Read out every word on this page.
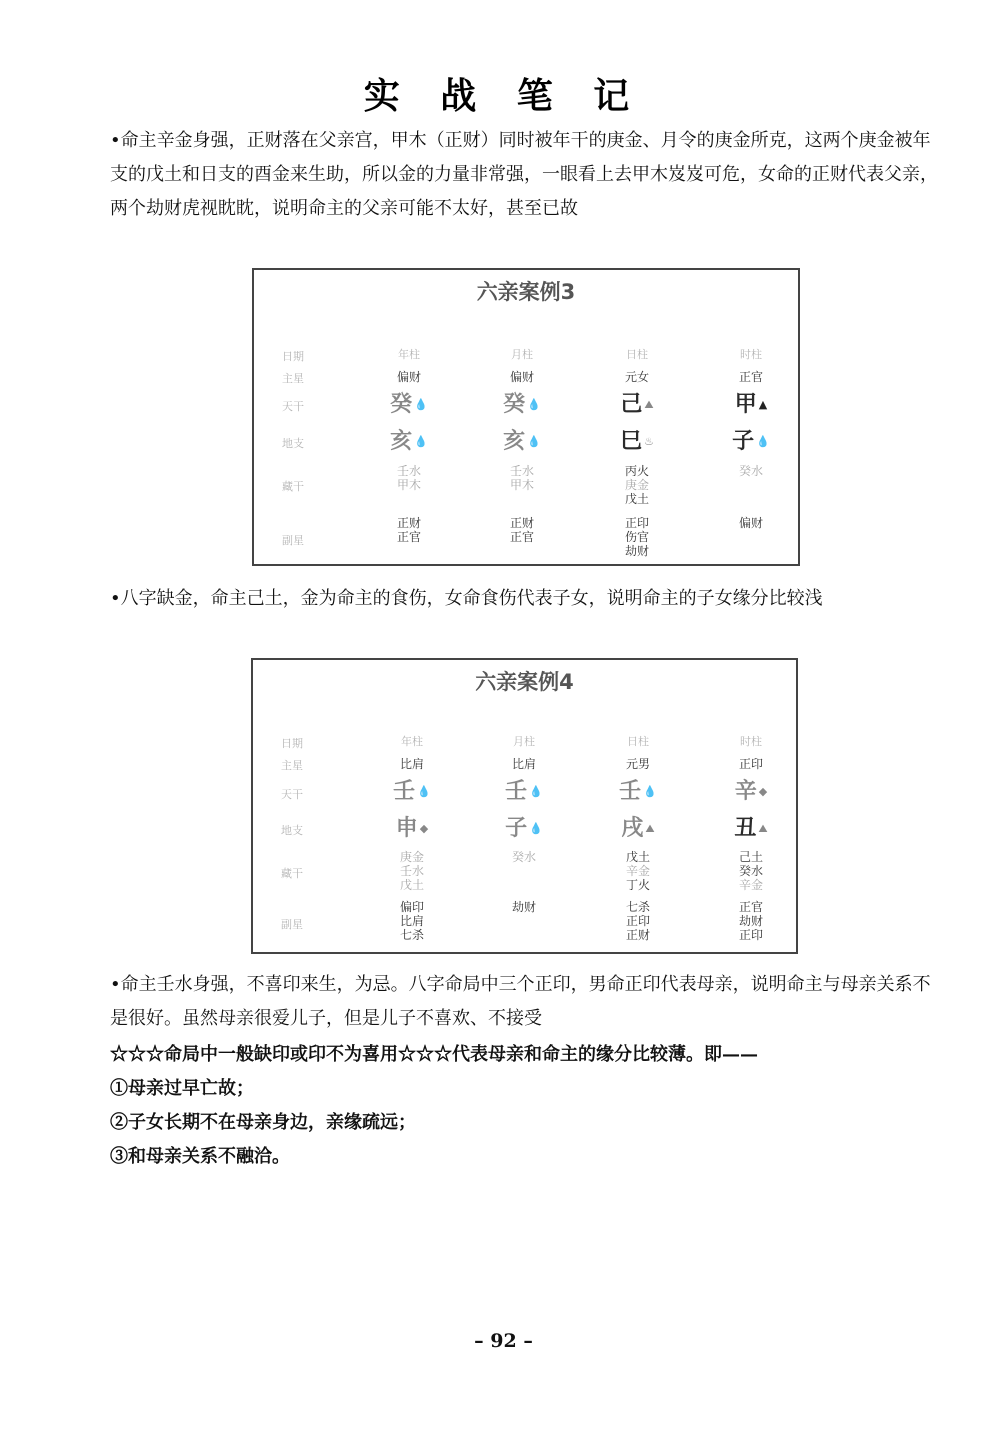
实 战 笔 记
•命主辛金身强，正财落在父亲宫，甲木（正财）同时被年干的庚金、月令的庚金所克，这两个庚金被年支的戊土和日支的酉金来生助，所以金的力量非常强，一眼看上去甲木岌岌可危，女命的正财代表父亲，两个劫财虎视眈眈，说明命主的父亲可能不太好，甚至已故
六亲案例3
日期
主星
天干
地支
藏干
副星
年柱
偏财
癸 💧
亥 💧
壬水
甲木
正财
正官
月柱
偏财
癸 💧
亥 💧
壬水
甲木
正财
正官
日柱
元女
己 ⛰
巳 ♨
丙火
庚金
戊土
正印
伤官
劫财
时柱
正官
甲 ▲
子 💧
癸水
偏财
•八字缺金，命主己土，金为命主的食伤，女命食伤代表子女，说明命主的子女缘分比较浅
六亲案例4
日期
主星
天干
地支
藏干
副星
年柱
比肩
壬 💧
申 ◆
庚金
壬水
戊土
偏印
比肩
七杀
月柱
比肩
壬 💧
子 💧
癸水
劫财
日柱
元男
壬 💧
戌 ⛰
戊土
辛金
丁火
七杀
正印
正财
时柱
正印
辛 ◆
丑 ⛰
己土
癸水
辛金
正官
劫财
正印
•命主壬水身强，不喜印来生，为忌。八字命局中三个正印，男命正印代表母亲，说明命主与母亲关系不是很好。虽然母亲很爱儿子，但是儿子不喜欢、不接受
☆☆☆命局中一般缺印或印不为喜用☆☆☆代表母亲和命主的缘分比较薄。即——
①母亲过早亡故；
②子女长期不在母亲身边，亲缘疏远；
③和母亲关系不融洽。
– 92 –
